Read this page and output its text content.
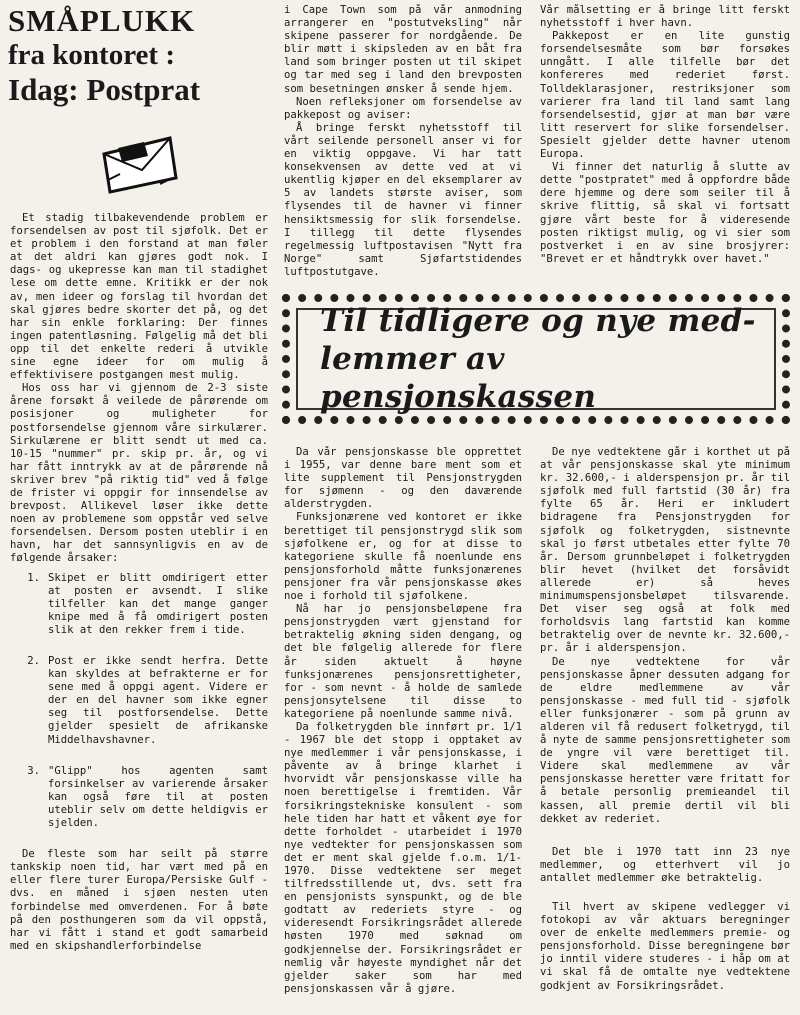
SMÅPLUKK
fra kontoret :
Idag: Postprat

Et stadig tilbakevendende problem er forsendelsen av post til sjøfolk. Det er et problem i den forstand at man føler at det aldri kan gjøres godt nok. I dags- og ukepresse kan man til stadighet lese om dette emne. Kritikk er der nok av, men ideer og forslag til hvordan det skal gjøres bedre skorter det på, og det har sin enkle forklaring: Der finnes ingen patentløsning. Følgelig må det bli opp til det enkelte rederi å utvikle sine egne ideer for om mulig å effektivisere postgangen mest mulig.

Hos oss har vi gjennom de 2-3 siste årene forsøkt å veilede de pårørende om posisjoner og muligheter for postforsendelse gjennom våre sirkulærer. Sirkulærene er blitt sendt ut med ca. 10-15 "nummer" pr. skip pr. år, og vi har fått inntrykk av at de pårørende nå skriver brev "på riktig tid" ved å følge de frister vi oppgir for innsendelse av brevpost. Allikevel løser ikke dette noen av problemene som oppstår ved selve forsendelsen. Dersom posten uteblir i en havn, har det sannsynligvis en av de følgende årsaker:

1. Skipet er blitt omdirigert etter at posten er avsendt. I slike tilfeller kan det mange ganger knipe med å få omdirigert posten slik at den rekker frem i tide.
2. Post er ikke sendt herfra. Dette kan skyldes at befrakterne er for sene med å oppgi agent. Videre er der en del havner som ikke egner seg til postforsendelse. Dette gjelder spesielt de afrikanske Middelhavshavner.
3. "Glipp" hos agenten samt forsinkelser av varierende årsaker kan også føre til at posten uteblir selv om dette heldigvis er sjelden.

De fleste som har seilt på større tankskip noen tid, har vært med på en eller flere turer Europa/Persiske Gulf - dvs. en måned i sjøen nesten uten forbindelse med omverdenen. For å bøte på den posthungeren som da vil oppstå, har vi fått i stand et godt samarbeid med en skipshandlerforbindelse

i Cape Town som på vår anmodning arrangerer en "postutveksling" når skipene passerer for nordgående. De blir møtt i skipsleden av en båt fra land som bringer posten ut til skipet og tar med seg i land den brevposten som besetningen ønsker å sende hjem.

Noen refleksjoner om forsendelse av pakkepost og aviser:

Å bringe ferskt nyhetsstoff til vårt seilende personell anser vi for en viktig oppgave. Vi har tatt konsekvensen av dette ved at vi ukentlig kjøper en del eksemplarer av 5 av landets største aviser, som flysendes til de havner vi finner hensiktsmessig for slik forsendelse. I tillegg til dette flysendes regelmessig luftpostavisen "Nytt fra Norge" samt Sjøfartstidendes luftpostutgave.

Vår målsetting er å bringe litt ferskt nyhetsstoff i hver havn.

Pakkepost er en lite gunstig forsendelsesmåte som bør forsøkes unngått. I alle tilfelle bør det konfereres med rederiet først. Tolldeklarasjoner, restriksjoner som varierer fra land til land samt lang forsendelsestid, gjør at man bør være litt reservert for slike forsendelser. Spesielt gjelder dette havner utenom Europa.

Vi finner det naturlig å slutte av dette "postpratet" med å oppfordre både dere hjemme og dere som seiler til å skrive flittig, så skal vi fortsatt gjøre vårt beste for å videresende posten riktigst mulig, og vi sier som postverket i en av sine brosjyrer: "Brevet er et håndtrykk over havet."

Til tidligere og nye med-
lemmer av pensjonskassen

Da vår pensjonskasse ble opprettet i 1955, var denne bare ment som et lite supplement til Pensjonstrygden for sjømenn - og den daværende alderstrygden.

Funksjonærene ved kontoret er ikke berettiget til pensjonstrygd slik som sjøfolkene er, og for at disse to kategoriene skulle få noenlunde ens pensjonsforhold måtte funksjonærenes pensjoner fra vår pensjonskasse økes noe i forhold til sjøfolkene.

Nå har jo pensjonsbeløpene fra pensjonstrygden vært gjenstand for betraktelig økning siden dengang, og det ble følgelig allerede for flere år siden aktuelt å høyne funksjonærenes pensjonsrettigheter, for - som nevnt - å holde de samlede pensjonsytelsene til disse to kategoriene på noenlunde samme nivå.

Da folketrygden ble innført pr. 1/1 - 1967 ble det stopp i opptaket av nye medlemmer i vår pensjonskasse, i påvente av å bringe klarhet i hvorvidt vår pensjonskasse ville ha noen berettigelse i fremtiden. Vår forsikringstekniske konsulent - som hele tiden har hatt et våkent øye for dette forholdet - utarbeidet i 1970 nye vedtekter for pensjonskassen som det er ment skal gjelde f.o.m. 1/1-1970. Disse vedtektene ser meget tilfredsstillende ut, dvs. sett fra en pensjonists synspunkt, og de ble godtatt av rederiets styre - og videresendt Forsikringsrådet allerede høsten 1970 med søknad om godkjennelse der. Forsikringsrådet er nemlig vår høyeste myndighet når det gjelder saker som har med pensjonskassen vår å gjøre.

De nye vedtektene går i korthet ut på at vår pensjonskasse skal yte minimum kr. 32.600,- i alderspensjon pr. år til sjøfolk med full fartstid (30 år) fra fylte 65 år. Heri er inkludert bidragene fra Pensjonstrygden for sjøfolk og folketrygden, sistnevnte skal jo først utbetales etter fylte 70 år. Dersom grunnbeløpet i folketrygden blir hevet (hvilket det forsåvidt allerede er) så heves minimumspensjonsbeløpet tilsvarende. Det viser seg også at folk med forholdsvis lang fartstid kan komme betraktelig over de nevnte kr. 32.600,- pr. år i alderspensjon.

De nye vedtektene for vår pensjonskasse åpner dessuten adgang for de eldre medlemmene av vår pensjonskasse - med full tid - sjøfolk eller funksjonærer - som på grunn av alderen vil få redusert folketrygd, til å nyte de samme pensjonsrettigheter som de yngre vil være berettiget til. Videre skal medlemmene av vår pensjonskasse heretter være fritatt for å betale personlig premieandel til kassen, all premie dertil vil bli dekket av rederiet.

Det ble i 1970 tatt inn 23 nye medlemmer, og etterhvert vil jo antallet medlemmer øke betraktelig.

Til hvert av skipene vedlegger vi fotokopi av vår aktuars beregninger over de enkelte medlemmers premie- og pensjonsforhold. Disse beregningene bør jo inntil videre studeres - i håp om at vi skal få de omtalte nye vedtektene godkjent av Forsikringsrådet.
